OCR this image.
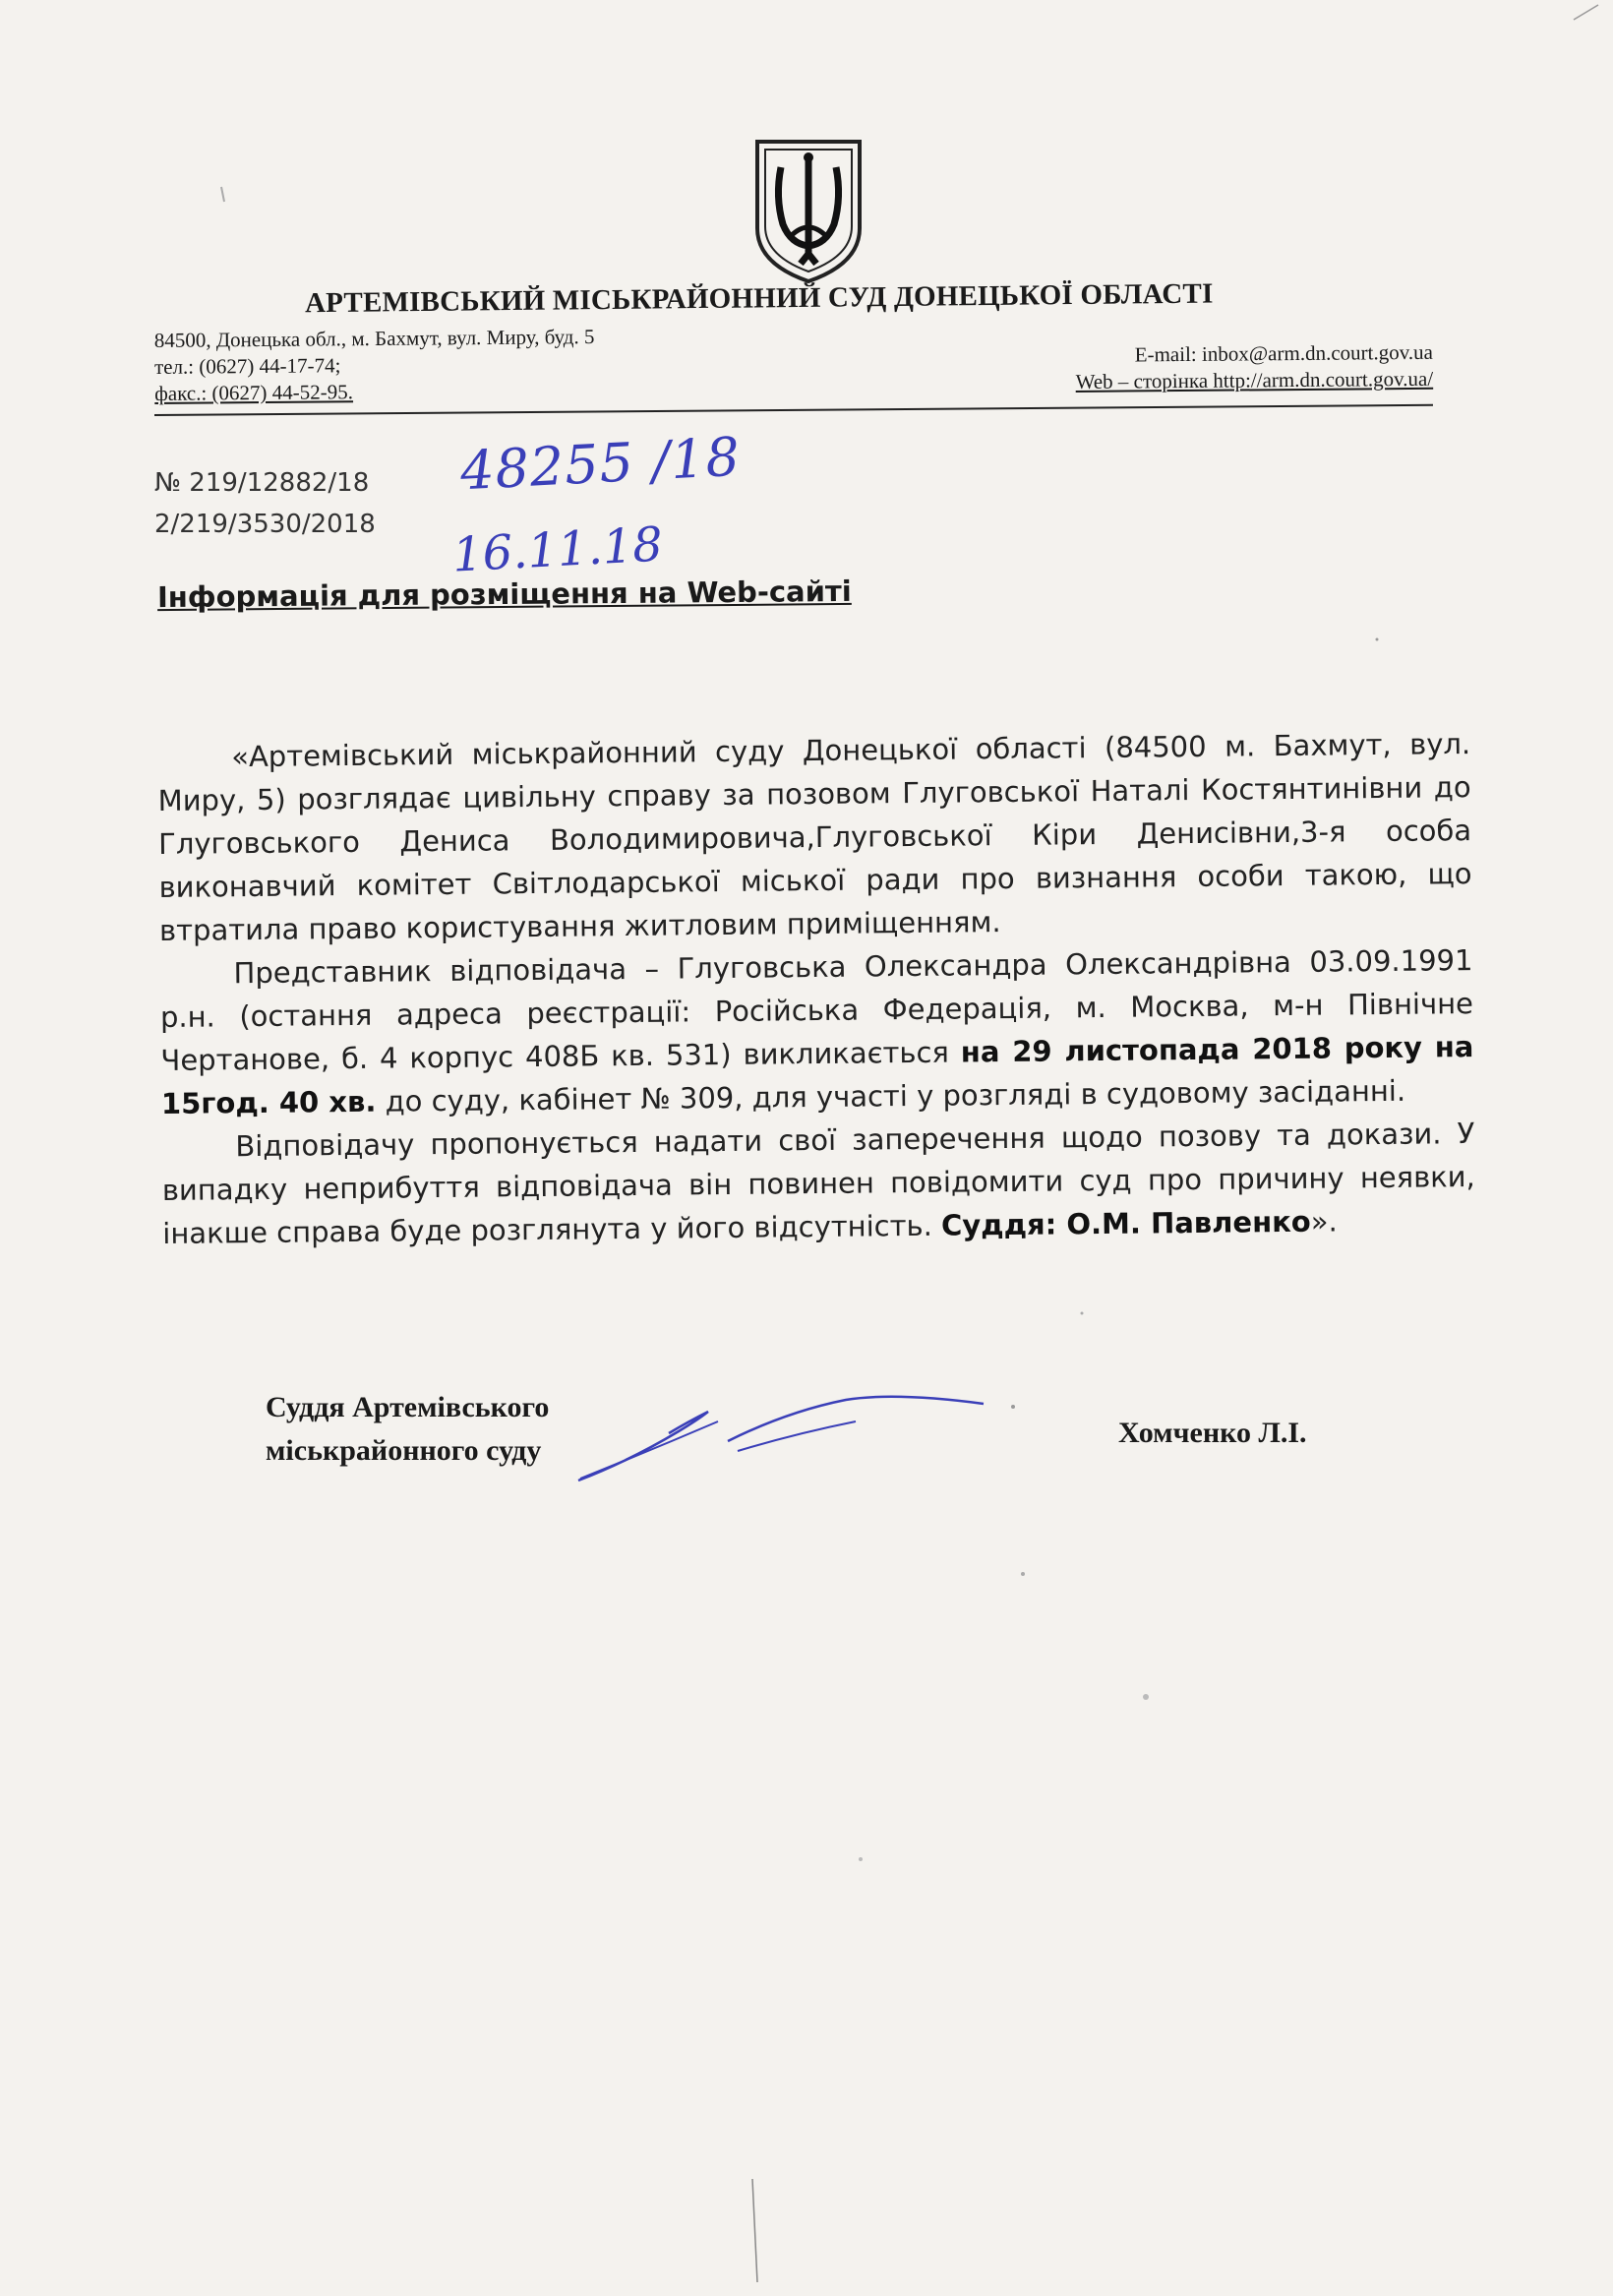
АРТЕМІВСЬКИЙ МІСЬКРАЙОННИЙ СУД ДОНЕЦЬКОЇ ОБЛАСТІ
84500, Донецька обл., м. Бахмут, вул. Миру, буд. 5
тел.: (0627) 44-17-74;
факс.: (0627) 44-52-95.
E-mail: inbox@arm.dn.court.gov.ua
Web – сторінка http://arm.dn.court.gov.ua/
№ 219/12882/18
2/219/3530/2018
48255 /18
16.11.18
Інформація для розміщення на Web-сайті

«Артемівський міськрайонний суду Донецької області (84500 м. Бахмут, вул. Миру, 5) розглядає цивільну справу за позовом Глуговської Наталі Костянтинівни до Глуговського Дениса Володимировича,Глуговської Кіри Денисівни,3-я особа виконавчий комітет Світлодарської міської ради про визнання особи такою, що втратила право користування житловим приміщенням.

Представник відповідача – Глуговська Олександра Олександрівна 03.09.1991 р.н. (остання адреса реєстрації: Російська Федерація, м. Москва, м-н Північне Чертанове, б. 4 корпус 408Б кв. 531) викликається на 29 листопада 2018 року на 15год. 40 хв. до суду, кабінет № 309, для участі у розгляді в судовому засіданні.

Відповідачу пропонується надати свої заперечення щодо позову та докази. У випадку неприбуття відповідача він повинен повідомити суд про причину неявки, інакше справа буде розглянута у його відсутність. Суддя: О.М. Павленко».

Суддя Артемівського
міськрайонного суду
Хомченко Л.І.
